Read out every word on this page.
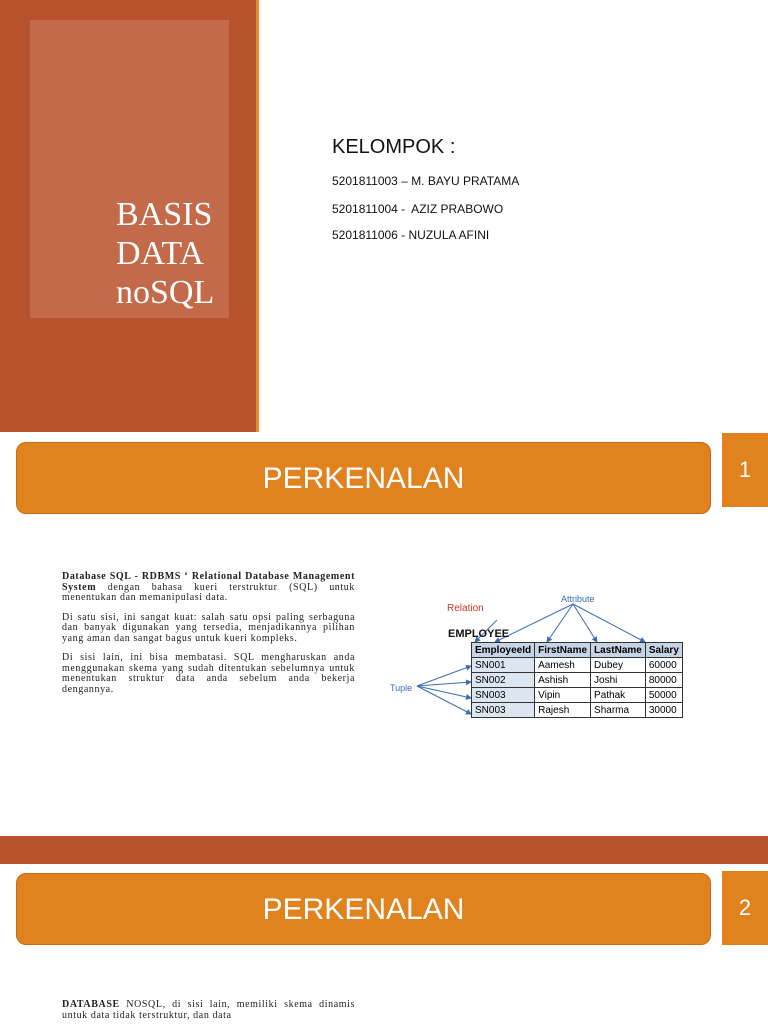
BASIS
DATA
noSQL
KELOMPOK :
5201811003 – M. BAYU PRATAMA
5201811004 -  AZIZ PRABOWO
5201811006 - NUZULA AFINI
PERKENALAN	1

Database SQL - RDBMS ‘ Relational Database Management System dengan bahasa kueri terstruktur (SQL) untuk menentukan dan memanipulasi data.

Di satu sisi, ini sangat kuat: salah satu opsi paling serbaguna dan banyak digunakan yang tersedia, menjadikannya pilihan yang aman dan sangat bagus untuk kueri kompleks.

Di sisi lain, ini bisa membatasi. SQL mengharuskan anda menggunakan skema yang sudah ditentukan sebelumnya untuk menentukan struktur data anda sebelum anda bekerja dengannya.

Relation
Attribute
EMPLOYEE
Tuple
EmployeeId	FirstName	LastName	Salary
SN001	Aamesh	Dubey	60000
SN002	Ashish	Joshi	80000
SN003	Vipin	Pathak	50000
SN003	Rajesh	Sharma	30000
PERKENALAN	2

DATABASE NOSQL, di sisi lain, memiliki skema dinamis untuk data tidak terstruktur, dan data
